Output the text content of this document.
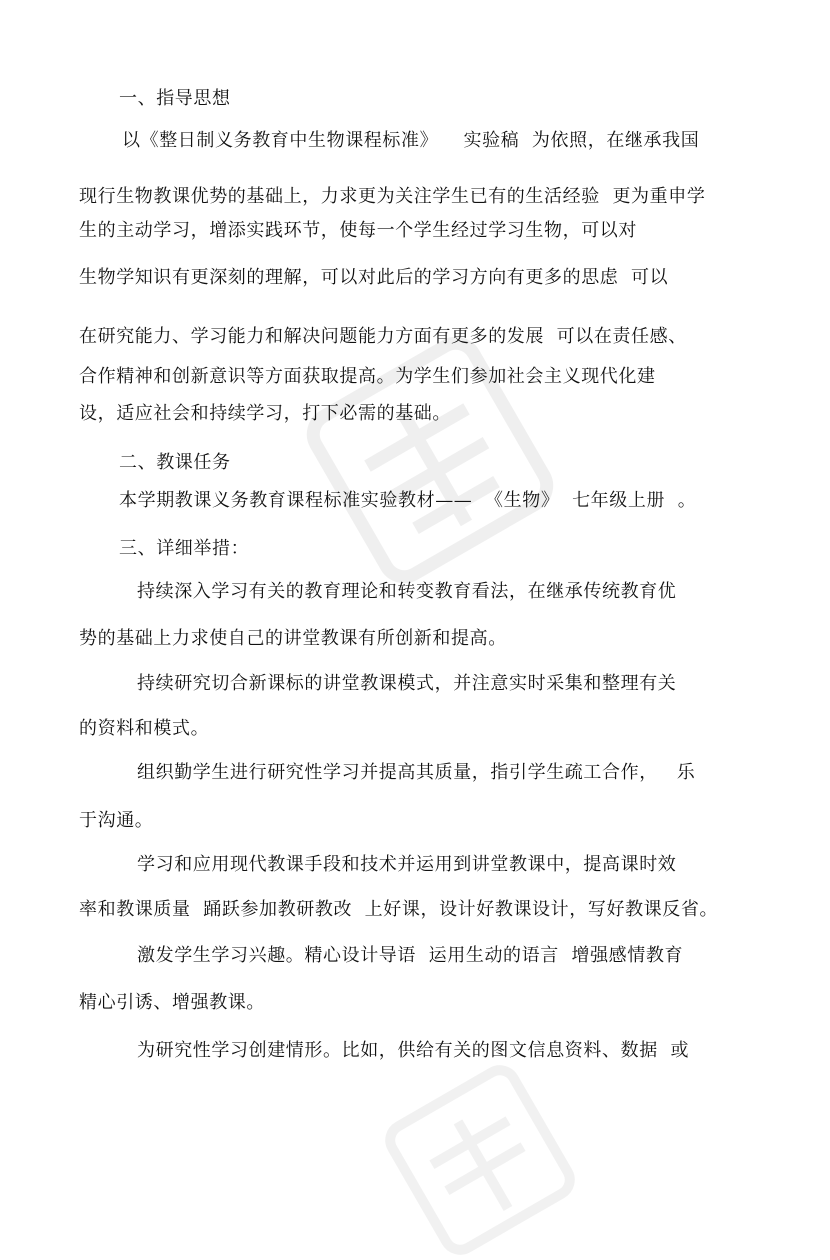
一、指导思想
以《整日制义务教育中生物课程标准》    实验稿  为依照，在继承我国
现行生物教课优势的基础上，力求更为关注学生已有的生活经验  更为重申学
生的主动学习，增添实践环节，使每一个学生经过学习生物，可以对
生物学知识有更深刻的理解，可以对此后的学习方向有更多的思虑  可以
在研究能力、学习能力和解决问题能力方面有更多的发展  可以在责任感、
合作精神和创新意识等方面获取提高。为学生们参加社会主义现代化建
设，适应社会和持续学习，打下必需的基础。
二、教课任务
本学期教课义务教育课程标准实验教材——  《生物》  七年级上册  。
三、详细举措：
持续深入学习有关的教育理论和转变教育看法，在继承传统教育优
势的基础上力求使自己的讲堂教课有所创新和提高。
持续研究切合新课标的讲堂教课模式，并注意实时采集和整理有关
的资料和模式。
组织勤学生进行研究性学习并提高其质量，指引学生疏工合作，   乐
于沟通。
学习和应用现代教课手段和技术并运用到讲堂教课中，提高课时效
率和教课质量  踊跃参加教研教改  上好课，设计好教课设计，写好教课反省。
激发学生学习兴趣。精心设计导语  运用生动的语言  增强感情教育
精心引诱、增强教课。
为研究性学习创建情形。比如，供给有关的图文信息资料、数据  或
